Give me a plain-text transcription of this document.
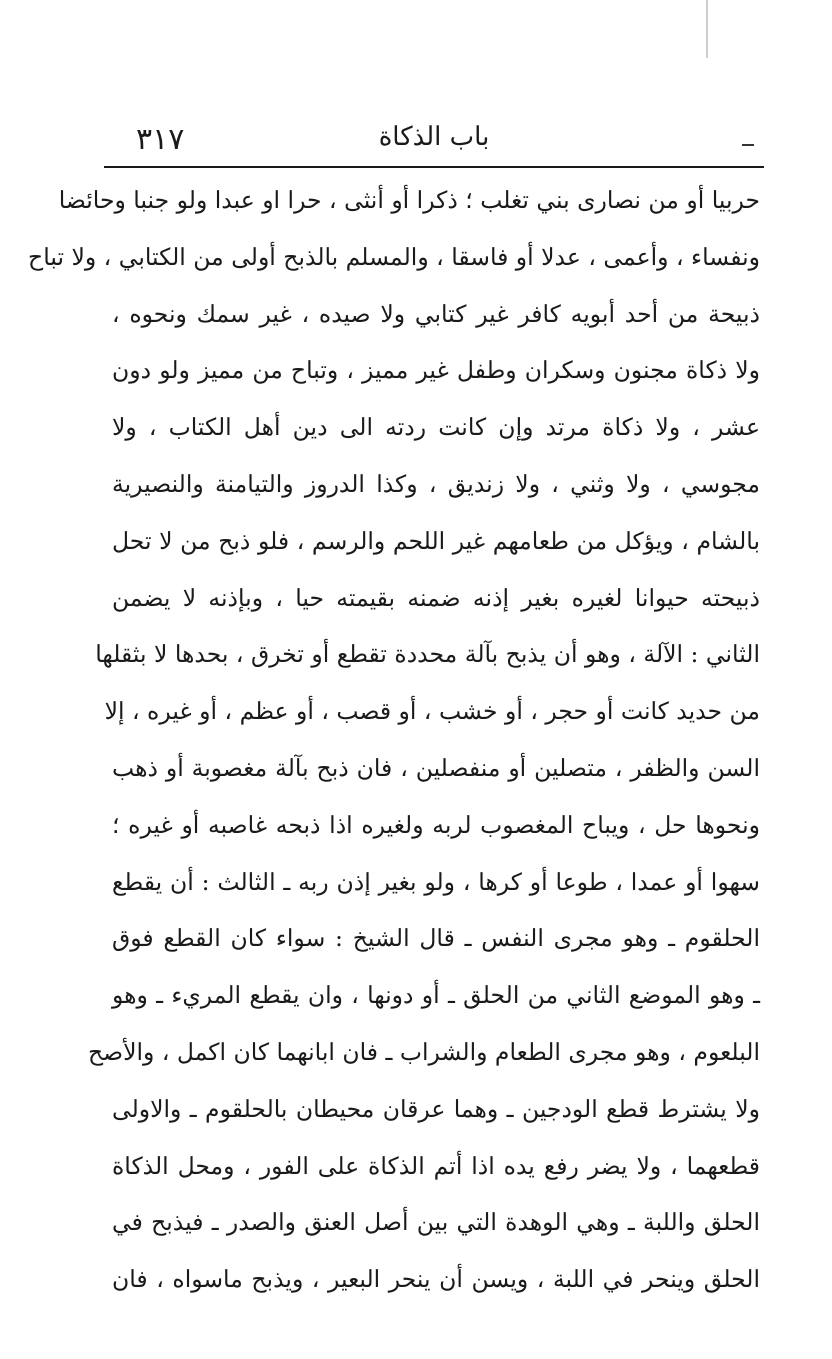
٣١٧	باب الذكاة
حربيا أو من نصارى بني تغلب ؛ ذكرا أو أنثى ، حرا او عبدا ولو جنبا وحائضا
ونفساء ، وأعمى ، عدلا أو فاسقا ، والمسلم بالذبح أولى من الكتابي ، ولا تباح
ذبيحة من أحد أبويه كافر غير كتابي ولا صيده ، غير سمك ونحوه ،
ولا ذكاة مجنون وسكران وطفل غير مميز ، وتباح من مميز ولو دون
عشر ، ولا ذكاة مرتد وإن كانت ردته الى دين أهل الكتاب ، ولا
مجوسي ، ولا وثني ، ولا زنديق ، وكذا الدروز والتيامنة والنصيرية
بالشام ، ويؤكل من طعامهم غير اللحم والرسم ، فلو ذبح من لا تحل
ذبيحته حيوانا لغيره بغير إذنه ضمنه بقيمته حيا ، وبإذنه لا يضمن
الثاني : الآلة ، وهو أن يذبح بآلة محددة تقطع أو تخرق ، بحدها لا بثقلها
من حديد كانت أو حجر ، أو خشب ، أو قصب ، أو عظم ، أو غيره ، إلا
السن والظفر ، متصلين أو منفصلين ، فان ذبح بآلة مغصوبة أو ذهب
ونحوها حل ، ويباح المغصوب لربه ولغيره اذا ذبحه غاصبه أو غيره ؛
سهوا أو عمدا ، طوعا أو كرها ، ولو بغير إذن ربه ـ الثالث : أن يقطع
الحلقوم ـ وهو مجرى النفس ـ قال الشيخ : سواء كان القطع فوق
ـ وهو الموضع الثاني من الحلق ـ أو دونها ، وان يقطع المريء ـ وهو
البلعوم ، وهو مجرى الطعام والشراب ـ فان ابانهما كان اكمل ، والأصح
ولا يشترط قطع الودجين ـ وهما عرقان محيطان بالحلقوم ـ والاولى
قطعهما ، ولا يضر رفع يده اذا أتم الذكاة على الفور ، ومحل الذكاة
الحلق واللبة ـ وهي الوهدة التي بين أصل العنق والصدر ـ فيذبح في
الحلق وينحر في اللبة ، ويسن أن ينحر البعير ، ويذبح ماسواه ، فان
